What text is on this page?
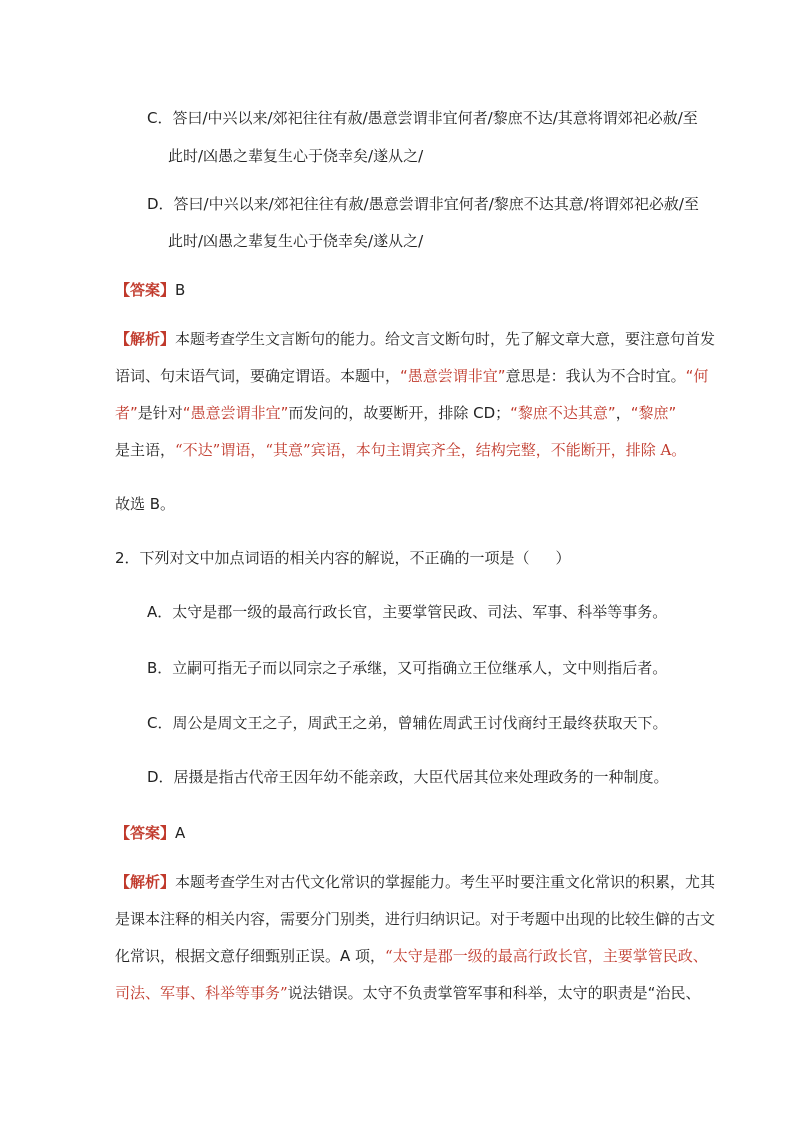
C．答曰/中兴以来/郊祀往往有赦/愚意尝谓非宜何者/黎庶不达/其意将谓郊祀必赦/至
此时/凶愚之辈复生心于侥幸矣/遂从之/
D．答曰/中兴以来/郊祀往往有赦/愚意尝谓非宜何者/黎庶不达其意/将谓郊祀必赦/至
此时/凶愚之辈复生心于侥幸矣/遂从之/
【答案】B
【解析】本题考查学生文言断句的能力。给文言文断句时，先了解文章大意，要注意句首发
语词、句末语气词，要确定谓语。本题中，“愚意尝谓非宜”意思是：我认为不合时宜。“何
者”是针对“愚意尝谓非宜”而发问的，故要断开，排除 CD；“黎庶不达其意”，“黎庶”
是主语，“不达”谓语，“其意”宾语，本句主谓宾齐全，结构完整，不能断开，排除 A。
故选 B。
2．下列对文中加点词语的相关内容的解说，不正确的一项是（ ）
A．太守是郡一级的最高行政长官，主要掌管民政、司法、军事、科举等事务。
B．立嗣可指无子而以同宗之子承继，又可指确立王位继承人，文中则指后者。
C．周公是周文王之子，周武王之弟，曾辅佐周武王讨伐商纣王最终获取天下。
D．居摄是指古代帝王因年幼不能亲政，大臣代居其位来处理政务的一种制度。
【答案】A
【解析】本题考查学生对古代文化常识的掌握能力。考生平时要注重文化常识的积累，尤其
是课本注释的相关内容，需要分门别类，进行归纳识记。对于考题中出现的比较生僻的古文
化常识，根据文意仔细甄别正误。A 项，“太守是郡一级的最高行政长官，主要掌管民政、
司法、军事、科举等事务”说法错误。太守不负责掌管军事和科举，太守的职责是“治民、
